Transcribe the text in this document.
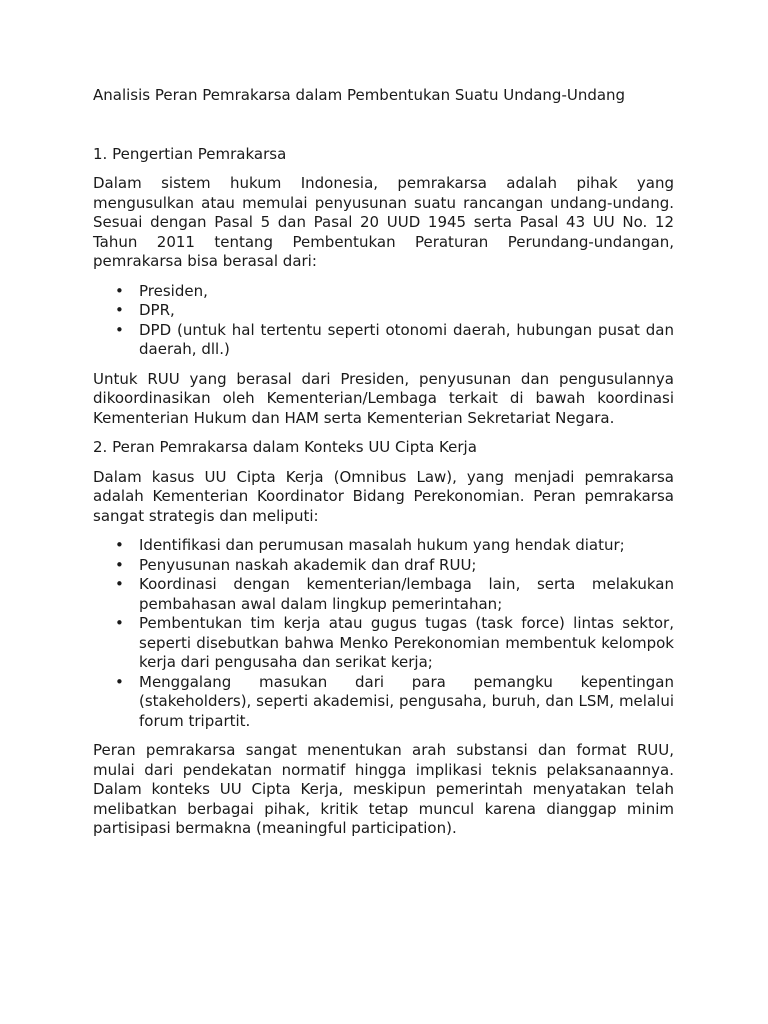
Analisis Peran Pemrakarsa dalam Pembentukan Suatu Undang-Undang
1. Pengertian Pemrakarsa

Dalam sistem hukum Indonesia, pemrakarsa adalah pihak yang mengusulkan atau memulai penyusunan suatu rancangan undang-undang. Sesuai dengan Pasal 5 dan Pasal 20 UUD 1945 serta Pasal 43 UU No. 12 Tahun 2011 tentang Pembentukan Peraturan Perundang-undangan, pemrakarsa bisa berasal dari:

• Presiden,
• DPR,
• DPD (untuk hal tertentu seperti otonomi daerah, hubungan pusat dan daerah, dll.)

Untuk RUU yang berasal dari Presiden, penyusunan dan pengusulannya dikoordinasikan oleh Kementerian/Lembaga terkait di bawah koordinasi Kementerian Hukum dan HAM serta Kementerian Sekretariat Negara.

2. Peran Pemrakarsa dalam Konteks UU Cipta Kerja

Dalam kasus UU Cipta Kerja (Omnibus Law), yang menjadi pemrakarsa adalah Kementerian Koordinator Bidang Perekonomian. Peran pemrakarsa sangat strategis dan meliputi:

• Identifikasi dan perumusan masalah hukum yang hendak diatur;
• Penyusunan naskah akademik dan draf RUU;
• Koordinasi dengan kementerian/lembaga lain, serta melakukan pembahasan awal dalam lingkup pemerintahan;
• Pembentukan tim kerja atau gugus tugas (task force) lintas sektor, seperti disebutkan bahwa Menko Perekonomian membentuk kelompok kerja dari pengusaha dan serikat kerja;
• Menggalang masukan dari para pemangku kepentingan (stakeholders), seperti akademisi, pengusaha, buruh, dan LSM, melalui forum tripartit.

Peran pemrakarsa sangat menentukan arah substansi dan format RUU, mulai dari pendekatan normatif hingga implikasi teknis pelaksanaannya. Dalam konteks UU Cipta Kerja, meskipun pemerintah menyatakan telah melibatkan berbagai pihak, kritik tetap muncul karena dianggap minim partisipasi bermakna (meaningful participation).
